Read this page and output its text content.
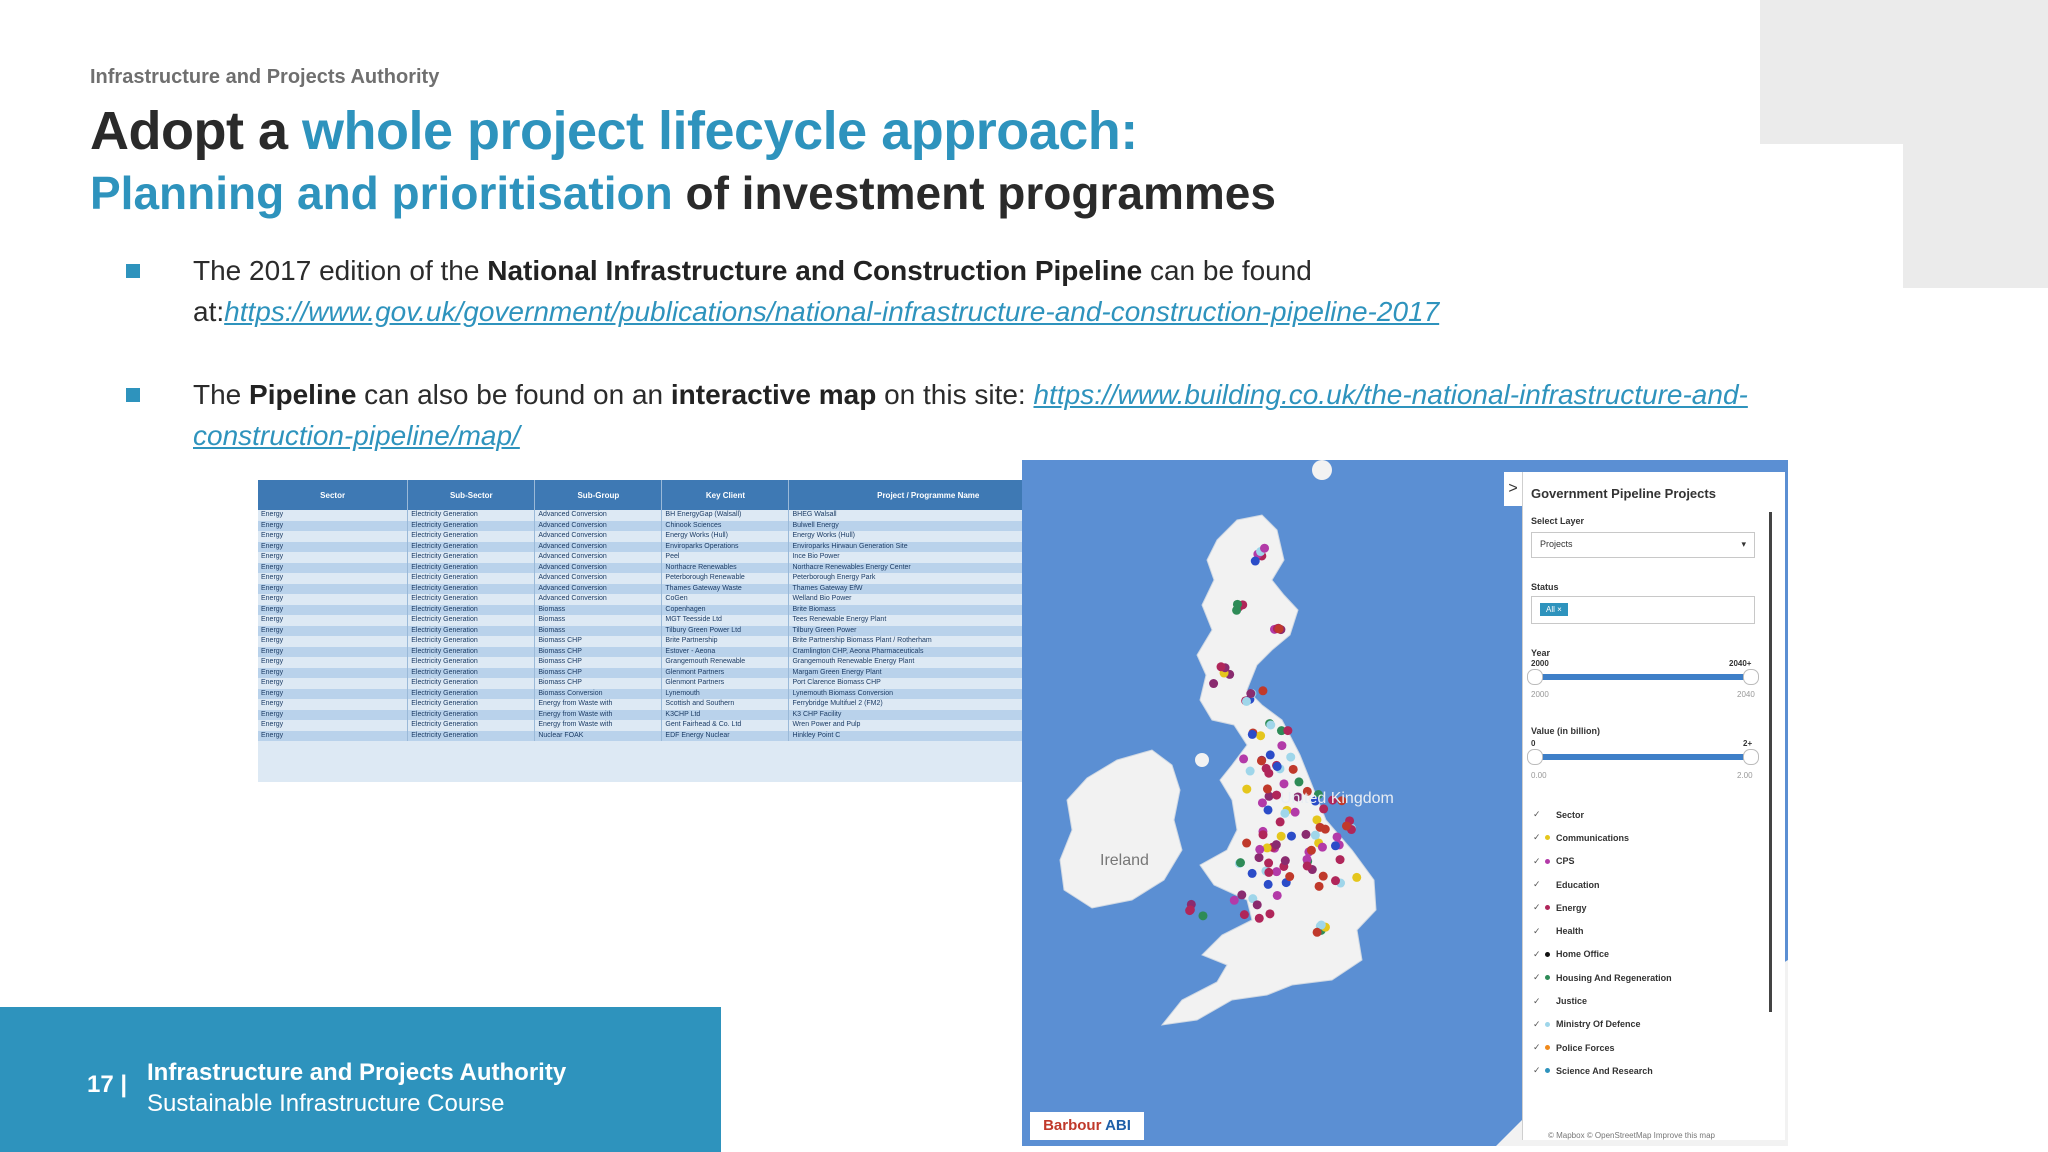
Infrastructure and Projects Authority
Adopt a whole project lifecycle approach:
Planning and prioritisation of investment programmes
The 2017 edition of the National Infrastructure and Construction Pipeline can be found at:https://www.gov.uk/government/publications/national-infrastructure-and-construction-pipeline-2017
The Pipeline can also be found on an interactive map on this site: https://www.building.co.uk/the-national-infrastructure-and-construction-pipeline/map/
Sector	Sub-Sector	Sub-Group	Key Client	Project / Programme Name
Energy	Electricity Generation	Advanced Conversion	BH EnergyGap (Walsall)	BHEG Walsall
Energy	Electricity Generation	Advanced Conversion	Chinook Sciences	Bulwell Energy
Energy	Electricity Generation	Advanced Conversion	Energy Works (Hull)	Energy Works (Hull)
Energy	Electricity Generation	Advanced Conversion	Enviroparks Operations	Enviroparks Hirwaun Generation Site
Energy	Electricity Generation	Advanced Conversion	Peel	Ince Bio Power
Energy	Electricity Generation	Advanced Conversion	Northacre Renewables	Northacre Renewables Energy Center
Energy	Electricity Generation	Advanced Conversion	Peterborough Renewable	Peterborough Energy Park
Energy	Electricity Generation	Advanced Conversion	Thames Gateway Waste	Thames Gateway EfW
Energy	Electricity Generation	Advanced Conversion	CoGen	Welland Bio Power
Energy	Electricity Generation	Biomass	Copenhagen	Brite Biomass
Energy	Electricity Generation	Biomass	MGT Teesside Ltd	Tees Renewable Energy Plant
Energy	Electricity Generation	Biomass	Tilbury Green Power Ltd	Tilbury Green Power
Energy	Electricity Generation	Biomass CHP	Brite Partnership	Brite Partnership Biomass Plant / Rotherham
Energy	Electricity Generation	Biomass CHP	Estover - Aeona	Cramlington CHP, Aeona Pharmaceuticals
Energy	Electricity Generation	Biomass CHP	Grangemouth Renewable	Grangemouth Renewable Energy Plant
Energy	Electricity Generation	Biomass CHP	Glenmont Partners	Margam Green Energy Plant
Energy	Electricity Generation	Biomass CHP	Glenmont Partners	Port Clarence Biomass CHP
Energy	Electricity Generation	Biomass Conversion	Lynemouth	Lynemouth Biomass Conversion
Energy	Electricity Generation	Energy from Waste with	Scottish and Southern	Ferrybridge Multifuel 2 (FM2)
Energy	Electricity Generation	Energy from Waste with	K3CHP Ltd	K3 CHP Facility
Energy	Electricity Generation	Energy from Waste with	Gent Fairhead & Co. Ltd	Wren Power and Pulp
Energy	Electricity Generation	Nuclear FOAK	EDF Energy Nuclear	Hinkley Point C
United Kingdom
Ireland
>	Government Pipeline Projects
Select Layer
Projects	▾
Status
All ×
Year
2000	2040+
2000	2040
Value (in billion)
0	2+
0.00	2.00
✓	Sector
✓	Communications
✓	CPS
✓	Education
✓	Energy
✓	Health
✓	Home Office
✓	Housing And Regeneration
✓	Justice
✓	Ministry Of Defence
✓	Police Forces
✓	Science And Research
Barbour ABI
© Mapbox © OpenStreetMap Improve this map
17 | Infrastructure and Projects Authority
Sustainable Infrastructure Course
